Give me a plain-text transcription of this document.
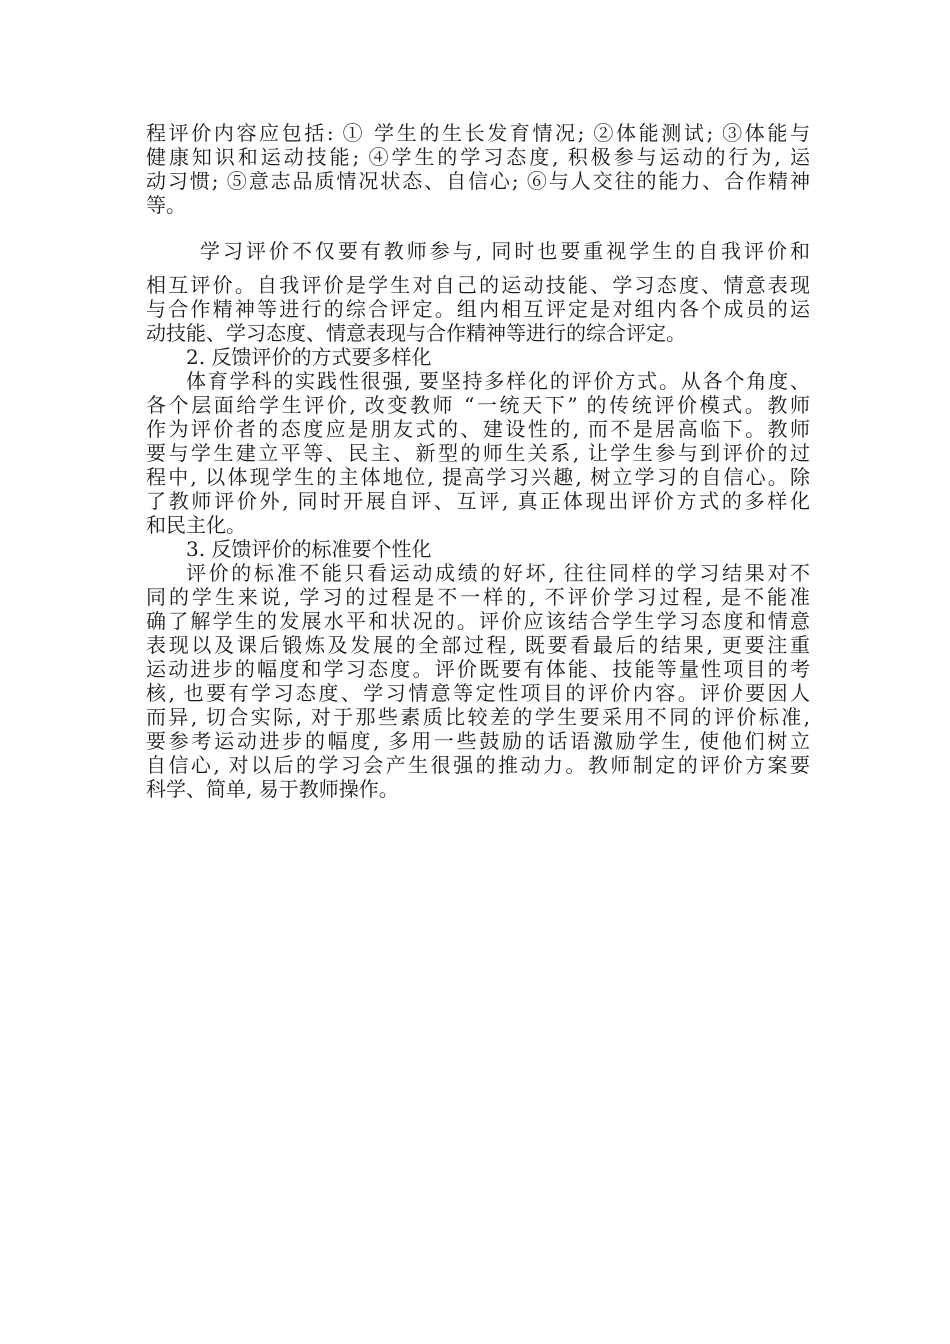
程评价内容应包括: ① 学生的生长发育情况; ②体能测试; ③体能与
健康知识和运动技能; ④学生的学习态度, 积极参与运动的行为, 运
动习惯; ⑤意志品质情况状态、自信心; ⑥与人交往的能力、合作精神
等。
学习评价不仅要有教师参与, 同时也要重视学生的自我评价和
相互评价。自我评价是学生对自己的运动技能、学习态度、情意表现
与合作精神等进行的综合评定。组内相互评定是对组内各个成员的运
动技能、学习态度、情意表现与合作精神等进行的综合评定。
2. 反馈评价的方式要多样化
体育学科的实践性很强, 要坚持多样化的评价方式。从各个角度、
各个层面给学生评价, 改变教师 “一统天下” 的传统评价模式。教师
作为评价者的态度应是朋友式的、建设性的, 而不是居高临下。教师
要与学生建立平等、民主、新型的师生关系, 让学生参与到评价的过
程中, 以体现学生的主体地位, 提高学习兴趣, 树立学习的自信心。除
了教师评价外, 同时开展自评、互评, 真正体现出评价方式的多样化
和民主化。
3. 反馈评价的标准要个性化
评价的标准不能只看运动成绩的好坏, 往往同样的学习结果对不
同的学生来说, 学习的过程是不一样的, 不评价学习过程, 是不能准
确了解学生的发展水平和状况的。评价应该结合学生学习态度和情意
表现以及课后锻炼及发展的全部过程, 既要看最后的结果, 更要注重
运动进步的幅度和学习态度。评价既要有体能、技能等量性项目的考
核, 也要有学习态度、学习情意等定性项目的评价内容。评价要因人
而异, 切合实际, 对于那些素质比较差的学生要采用不同的评价标准,
要参考运动进步的幅度, 多用一些鼓励的话语激励学生, 使他们树立
自信心, 对以后的学习会产生很强的推动力。教师制定的评价方案要
科学、简单, 易于教师操作。
